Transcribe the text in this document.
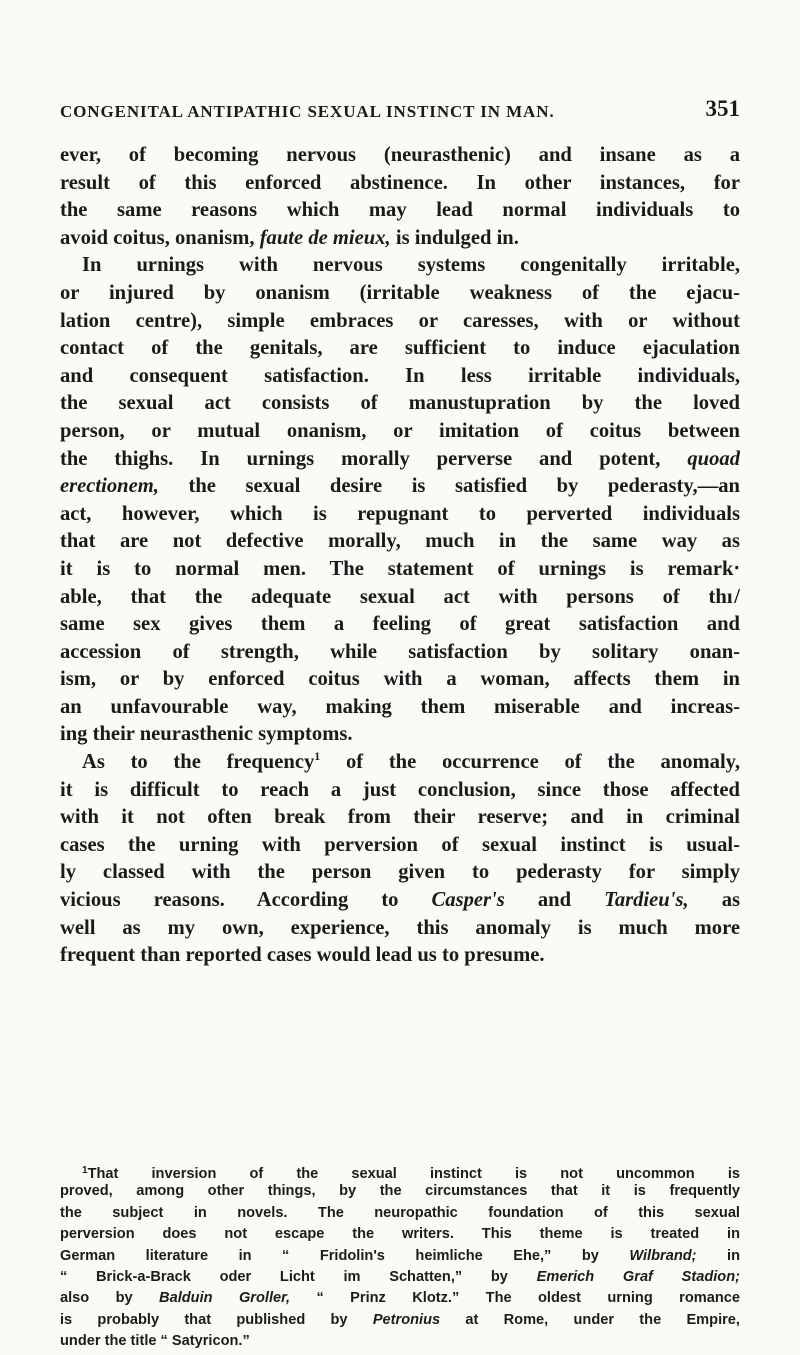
CONGENITAL ANTIPATHIC SEXUAL INSTINCT IN MAN.	351
ever, of becoming nervous (neurasthenic) and insane as a
result of this enforced abstinence. In other instances, for
the same reasons which may lead normal individuals to
avoid coitus, onanism, faute de mieux, is indulged in.
In urnings with nervous systems congenitally irritable,
or injured by onanism (irritable weakness of the ejacu-
lation centre), simple embraces or caresses, with or without
contact of the genitals, are sufficient to induce ejaculation
and consequent satisfaction. In less irritable individuals,
the sexual act consists of manustupration by the loved
person, or mutual onanism, or imitation of coitus between
the thighs. In urnings morally perverse and potent, quoad
erectionem, the sexual desire is satisfied by pederasty,—an
act, however, which is repugnant to perverted individuals
that are not defective morally, much in the same way as
it is to normal men. The statement of urnings is remark‧
able, that the adequate sexual act with persons of thı /
same sex gives them a feeling of great satisfaction and
accession of strength, while satisfaction by solitary onan-
ism, or by enforced coitus with a woman, affects them in
an unfavourable way, making them miserable and increas-
ing their neurasthenic symptoms.
As to the frequency$^1$ of the occurrence of the anomaly,
it is difficult to reach a just conclusion, since those affected
with it not often break from their reserve; and in criminal
cases the urning with perversion of sexual instinct is usual-
ly classed with the person given to pederasty for simply
vicious reasons. According to Casper's and Tardieu's, as
well as my own, experience, this anomaly is much more
frequent than reported cases would lead us to presume.
$^1$That inversion of the sexual instinct is not uncommon is
proved, among other things, by the circumstances that it is frequently
the subject in novels. The neuropathic foundation of this sexual
perversion does not escape the writers. This theme is treated in
German literature in “ Fridolin's heimliche Ehe,” by Wilbrand; in
“ Brick-a-Brack oder Licht im Schatten,” by Emerich Graf Stadion;
also by Balduin Groller, “ Prinz Klotz.” The oldest urning romance
is probably that published by Petronius at Rome, under the Empire,
under the title “ Satyricon.”
